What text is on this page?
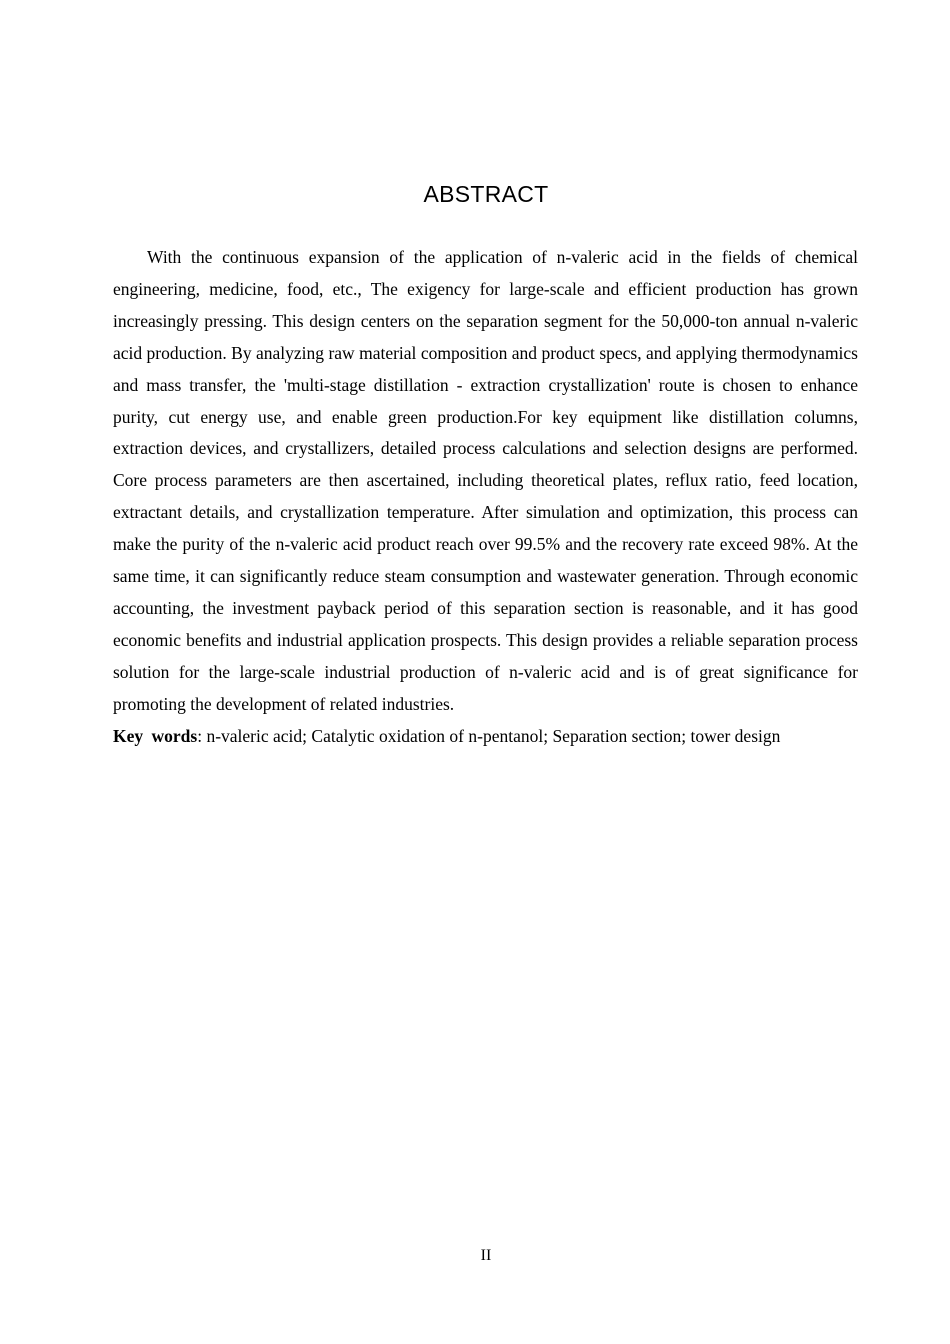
ABSTRACT

With the continuous expansion of the application of n-valeric acid in the fields of chemical engineering, medicine, food, etc., The exigency for large-scale and efficient production has grown increasingly pressing. This design centers on the separation segment for the 50,000-ton annual n-valeric acid production. By analyzing raw material composition and product specs, and applying thermodynamics and mass transfer, the 'multi-stage distillation - extraction crystallization' route is chosen to enhance purity, cut energy use, and enable green production.For key equipment like distillation columns, extraction devices, and crystallizers, detailed process calculations and selection designs are performed. Core process parameters are then ascertained, including theoretical plates, reflux ratio, feed location, extractant details, and crystallization temperature. After simulation and optimization, this process can make the purity of the n-valeric acid product reach over 99.5% and the recovery rate exceed 98%. At the same time, it can significantly reduce steam consumption and wastewater generation. Through economic accounting, the investment payback period of this separation section is reasonable, and it has good economic benefits and industrial application prospects. This design provides a reliable separation process solution for the large-scale industrial production of n-valeric acid and is of great significance for promoting the development of related industries.

Key words: n-valeric acid; Catalytic oxidation of n-pentanol; Separation section; tower design

II
